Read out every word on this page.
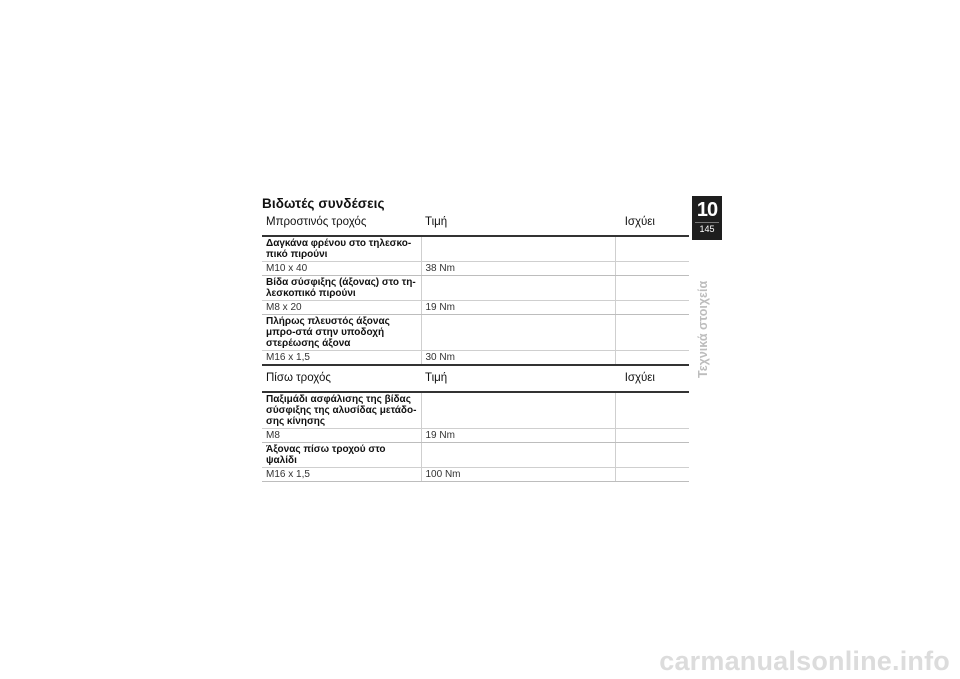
Βιδωτές συνδέσεις
Μπροστινός τροχός	Τιμή	Ισχύει
Δαγκάνα φρένου στο τηλεσκο-πικό πιρούνι		
M10 x 40	38 Nm	
Βίδα σύσφιξης (άξονας) στο τη-λεσκοπικό πιρούνι		
M8 x 20	19 Nm	
Πλήρως πλευστός άξονας μπρο-στά στην υποδοχή στερέωσης άξονα		
M16 x 1,5	30 Nm	
Πίσω τροχός	Τιμή	Ισχύει
Παξιμάδι ασφάλισης της βίδας σύσφιξης της αλυσίδας μετάδο-σης κίνησης		
M8	19 Nm	
Άξονας πίσω τροχού στο ψαλίδι		
M16 x 1,5	100 Nm	
10
145
Τεχνικά στοιχεία
carmanualsonline.info
